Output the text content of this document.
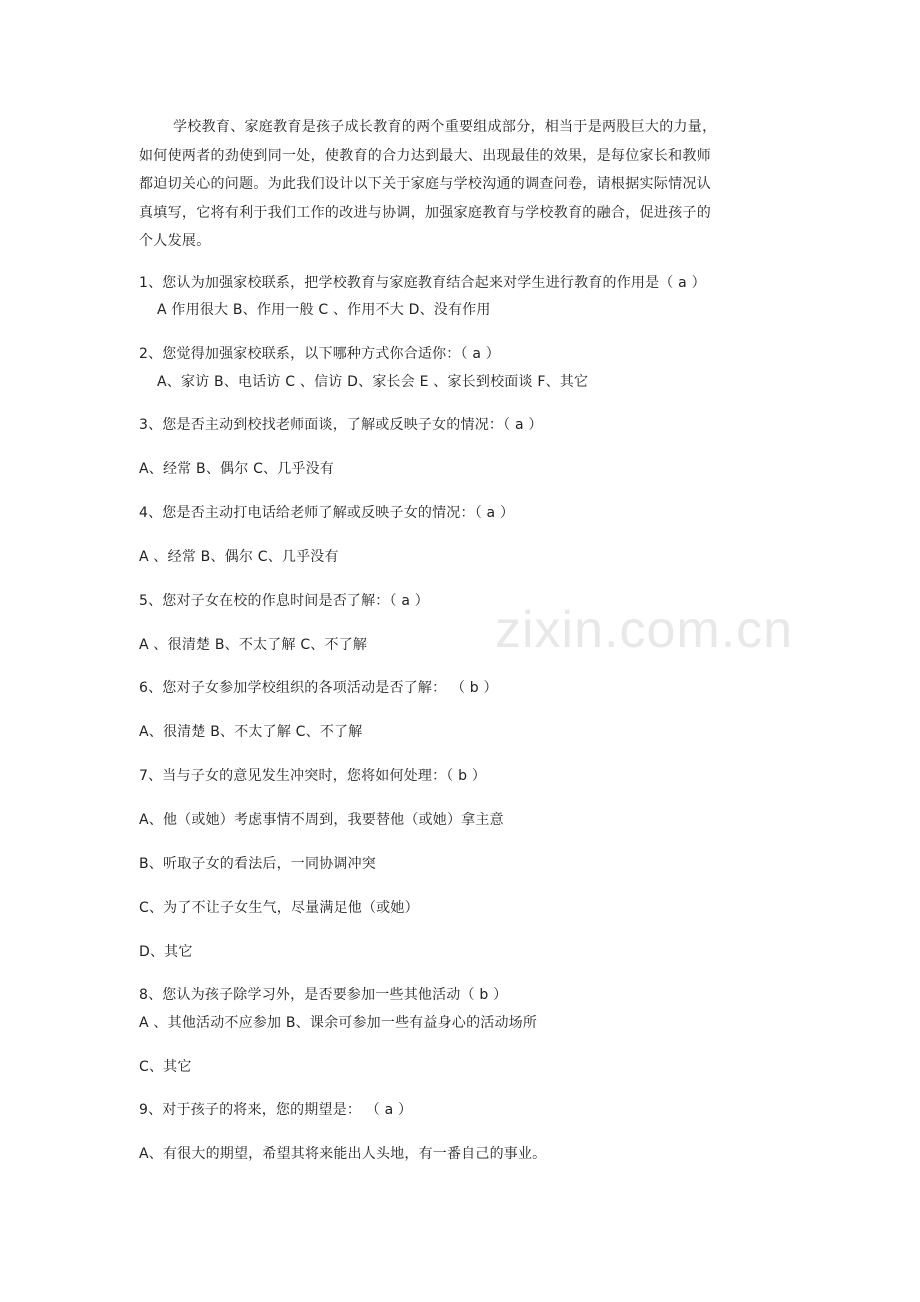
学校教育、家庭教育是孩子成长教育的两个重要组成部分，相当于是两股巨大的力量，
如何使两者的劲使到同一处，使教育的合力达到最大、出现最佳的效果，是每位家长和教师
都迫切关心的问题。为此我们设计以下关于家庭与学校沟通的调查问卷，请根据实际情况认
真填写，它将有利于我们工作的改进与协调，加强家庭教育与学校教育的融合，促进孩子的
个人发展。
1、您认为加强家校联系，把学校教育与家庭教育结合起来对学生进行教育的作用是（ a ）
A 作用很大 B、作用一般 C 、作用不大 D、没有作用
2、您觉得加强家校联系，以下哪种方式你合适你：（ a ）
A、家访 B、电话访 C 、信访 D、家长会 E 、家长到校面谈 F、其它
3、您是否主动到校找老师面谈，了解或反映子女的情况：（ a ）
A、经常 B、偶尔 C、几乎没有
4、您是否主动打电话给老师了解或反映子女的情况：（ a ）
A 、经常 B、偶尔 C、几乎没有
5、您对子女在校的作息时间是否了解：（ a ）
A 、很清楚 B、不太了解 C、不了解
6、您对子女参加学校组织的各项活动是否了解： （ b ）
A、很清楚 B、不太了解 C、不了解
7、当与子女的意见发生冲突时，您将如何处理：（ b ）
A、他（或她）考虑事情不周到，我要替他（或她）拿主意
B、听取子女的看法后，一同协调冲突
C、为了不让子女生气，尽量满足他（或她）
D、其它
8、您认为孩子除学习外，是否要参加一些其他活动（ b ）
A 、其他活动不应参加 B、课余可参加一些有益身心的活动场所
C、其它
9、对于孩子的将来，您的期望是： （ a ）
A、有很大的期望，希望其将来能出人头地，有一番自己的事业。
zixin.com.cn
